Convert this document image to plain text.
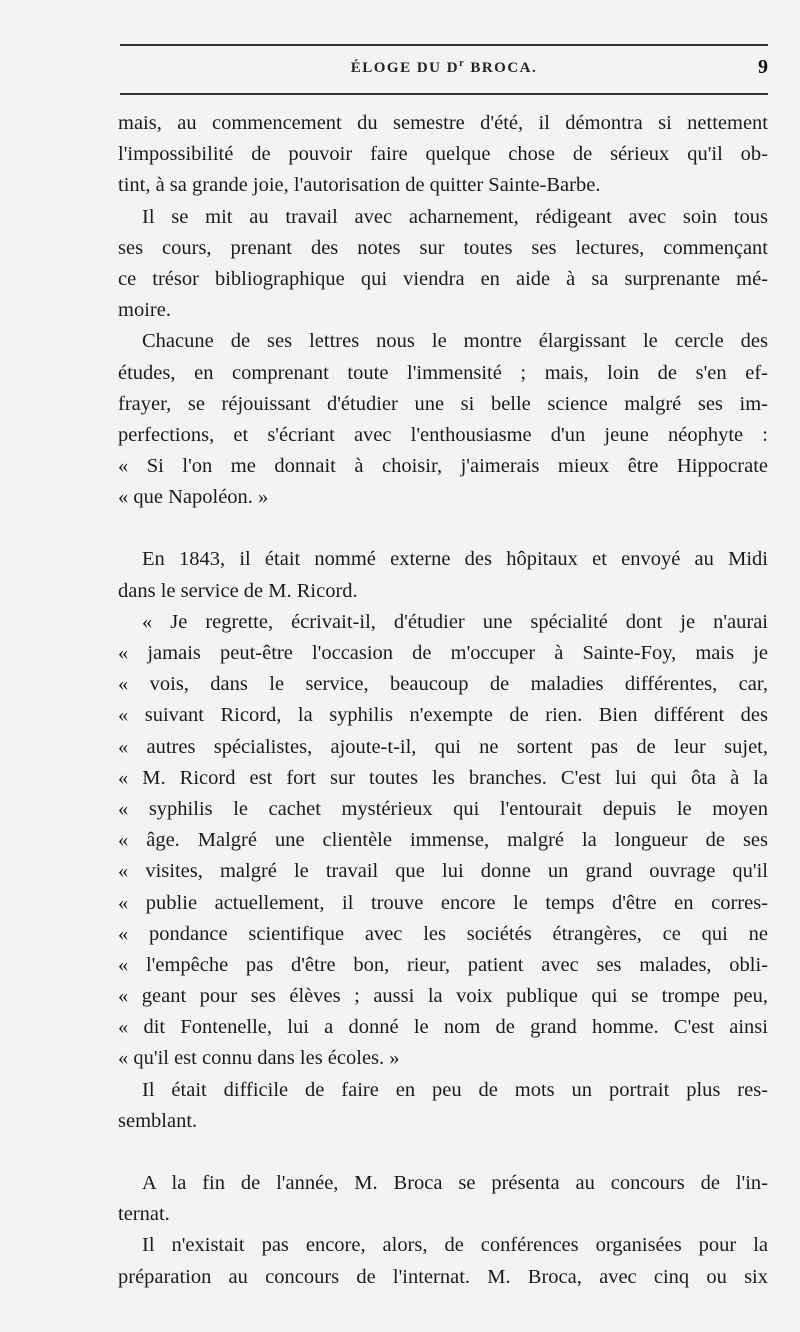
ÉLOGE DU $D^r$ BROCA.	9
mais, au commencement du semestre d'été, il démontra si nettement
l'impossibilité de pouvoir faire quelque chose de sérieux qu'il ob-
tint, à sa grande joie, l'autorisation de quitter Sainte-Barbe.
Il se mit au travail avec acharnement, rédigeant avec soin tous
ses cours, prenant des notes sur toutes ses lectures, commençant
ce trésor bibliographique qui viendra en aide à sa surprenante mé-
moire.
Chacune de ses lettres nous le montre élargissant le cercle des
études, en comprenant toute l'immensité ; mais, loin de s'en ef-
frayer, se réjouissant d'étudier une si belle science malgré ses im-
perfections, et s'écriant avec l'enthousiasme d'un jeune néophyte :
« Si l'on me donnait à choisir, j'aimerais mieux être Hippocrate
« que Napoléon. »
En 1843, il était nommé externe des hôpitaux et envoyé au Midi
dans le service de M. Ricord.
« Je regrette, écrivait-il, d'étudier une spécialité dont je n'aurai
« jamais peut-être l'occasion de m'occuper à Sainte-Foy, mais je
« vois, dans le service, beaucoup de maladies différentes, car,
« suivant Ricord, la syphilis n'exempte de rien. Bien différent des
« autres spécialistes, ajoute-t-il, qui ne sortent pas de leur sujet,
« M. Ricord est fort sur toutes les branches. C'est lui qui ôta à la
« syphilis le cachet mystérieux qui l'entourait depuis le moyen
« âge. Malgré une clientèle immense, malgré la longueur de ses
« visites, malgré le travail que lui donne un grand ouvrage qu'il
« publie actuellement, il trouve encore le temps d'être en corres-
« pondance scientifique avec les sociétés étrangères, ce qui ne
« l'empêche pas d'être bon, rieur, patient avec ses malades, obli-
« geant pour ses élèves ; aussi la voix publique qui se trompe peu,
« dit Fontenelle, lui a donné le nom de grand homme. C'est ainsi
« qu'il est connu dans les écoles. »
Il était difficile de faire en peu de mots un portrait plus res-
semblant.
A la fin de l'année, M. Broca se présenta au concours de l'in-
ternat.
Il n'existait pas encore, alors, de conférences organisées pour la
préparation au concours de l'internat. M. Broca, avec cinq ou six
